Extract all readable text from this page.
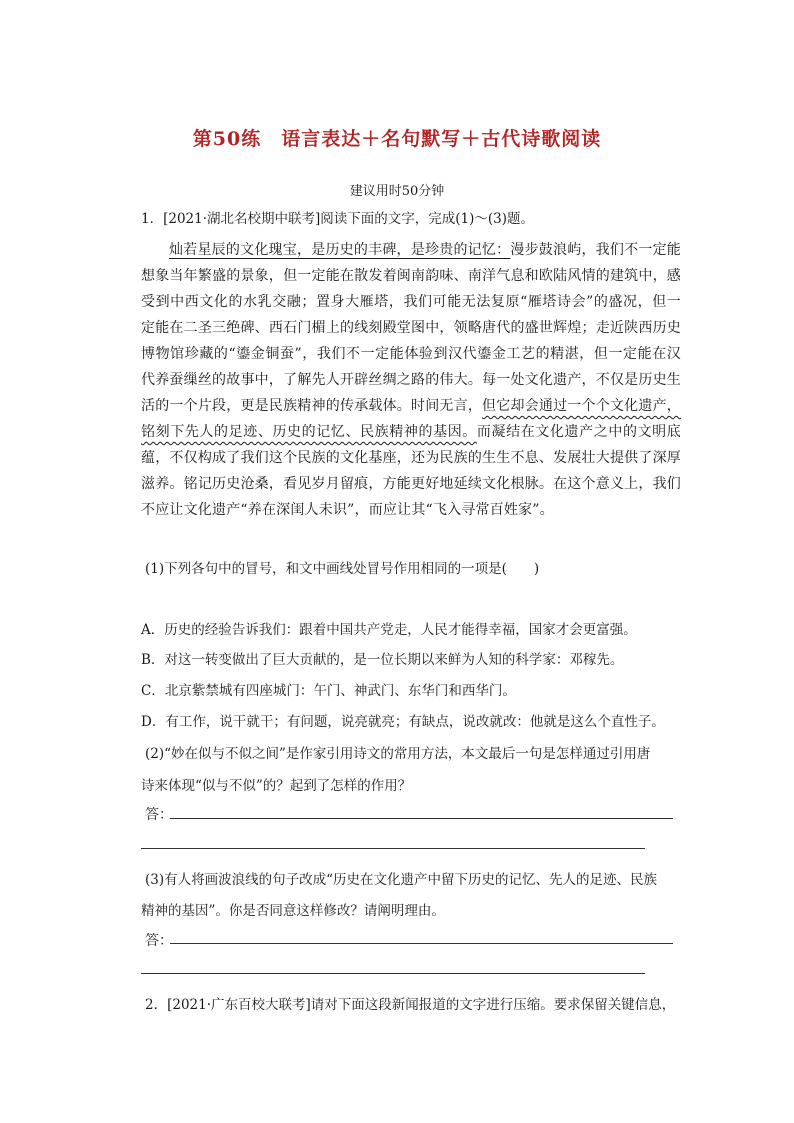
第50练　语言表达＋名句默写＋古代诗歌阅读
建议用时50分钟
1．[2021·湖北名校期中联考]阅读下面的文字，完成(1)～(3)题。
灿若星辰的文化瑰宝，是历史的丰碑，是珍贵的记忆：漫步鼓浪屿，我们不一定能想象当年繁盛的景象，但一定能在散发着闽南韵味、南洋气息和欧陆风情的建筑中，感受到中西文化的水乳交融；置身大雁塔，我们可能无法复原“雁塔诗会”的盛况，但一定能在二圣三绝碑、西石门楣上的线刻殿堂图中，领略唐代的盛世辉煌；走近陕西历史博物馆珍藏的“鎏金铜蚕”，我们不一定能体验到汉代鎏金工艺的精湛，但一定能在汉代养蚕缫丝的故事中，了解先人开辟丝绸之路的伟大。每一处文化遗产，不仅是历史生活的一个片段，更是民族精神的传承载体。时间无言，但它却会通过一个个文化遗产，铭刻下先人的足迹、历史的记忆、民族精神的基因。而凝结在文化遗产之中的文明底蕴，不仅构成了我们这个民族的文化基座，还为民族的生生不息、发展壮大提供了深厚滋养。铭记历史沧桑，看见岁月留痕，方能更好地延续文化根脉。在这个意义上，我们不应让文化遗产“养在深闺人未识”，而应让其“飞入寻常百姓家”。
(1)下列各句中的冒号，和文中画线处冒号作用相同的一项是(　　)
A．历史的经验告诉我们：跟着中国共产党走，人民才能得幸福，国家才会更富强。
B．对这一转变做出了巨大贡献的，是一位长期以来鲜为人知的科学家：邓稼先。
C．北京紫禁城有四座城门：午门、神武门、东华门和西华门。
D．有工作，说干就干；有问题，说亮就亮；有缺点，说改就改：他就是这么个直性子。
(2)“妙在似与不似之间”是作家引用诗文的常用方法，本文最后一句是怎样通过引用唐
诗来体现“似与不似”的？起到了怎样的作用？
答：
(3)有人将画波浪线的句子改成“历史在文化遗产中留下历史的记忆、先人的足迹、民族
精神的基因”。你是否同意这样修改？请阐明理由。
答：
2．[2021·广东百校大联考]请对下面这段新闻报道的文字进行压缩。要求保留关键信息，
